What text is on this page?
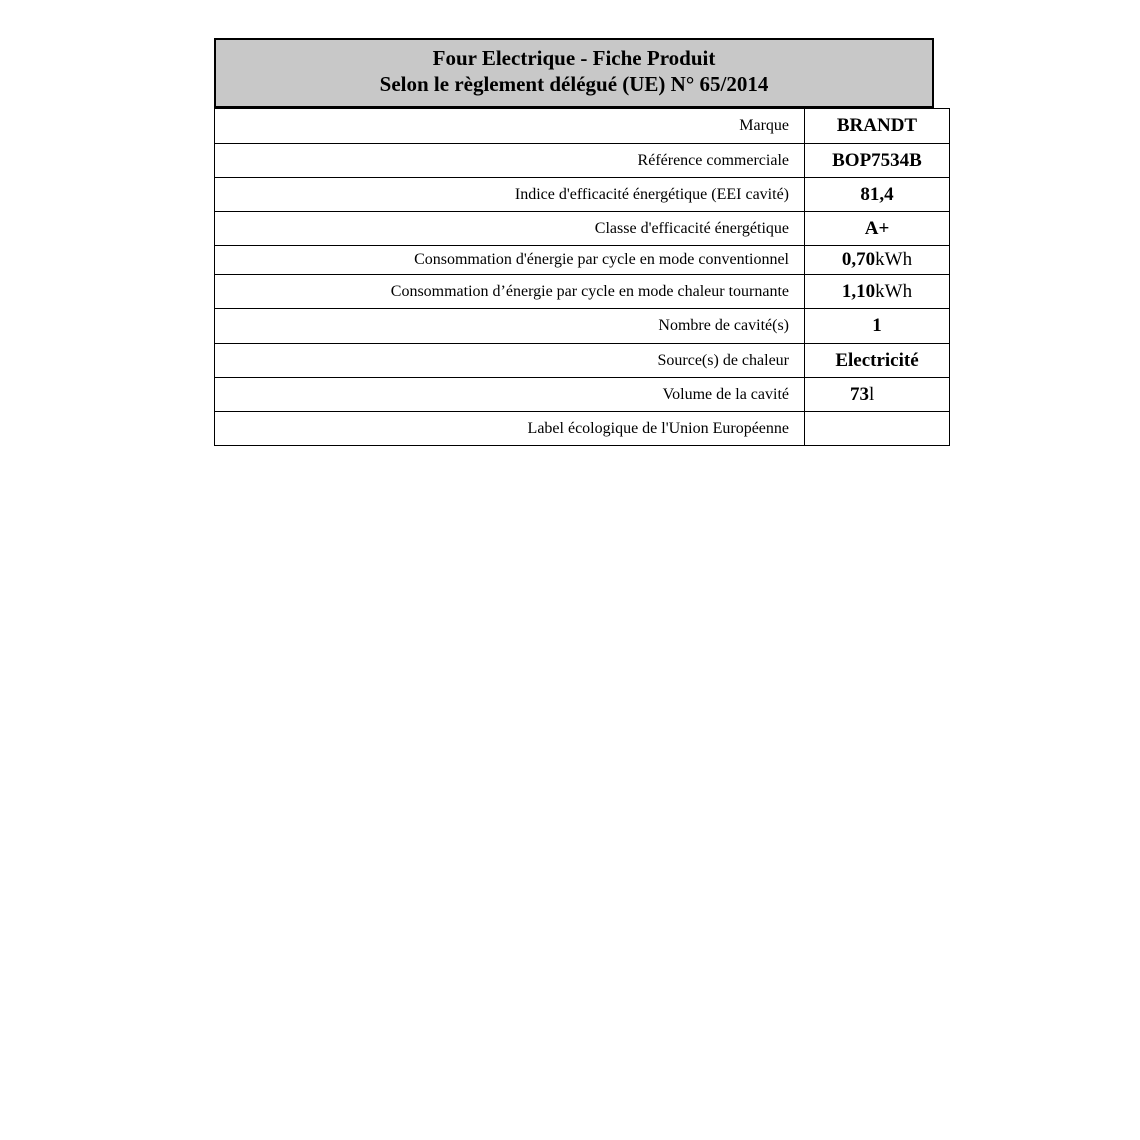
Four Electrique - Fiche Produit
Selon le règlement délégué (UE) N° 65/2014
Marque	BRANDT
Référence commerciale	BOP7534B
Indice d'efficacité énergétique (EEI cavité)	81,4
Classe d'efficacité énergétique	A+
Consommation d'énergie par cycle en mode conventionnel	0,70kWh
Consommation d’énergie par cycle en mode chaleur tournante	1,10kWh
Nombre de cavité(s)	1
Source(s) de chaleur	Electricité
Volume de la cavité	73l
Label écologique de l'Union Européenne	
